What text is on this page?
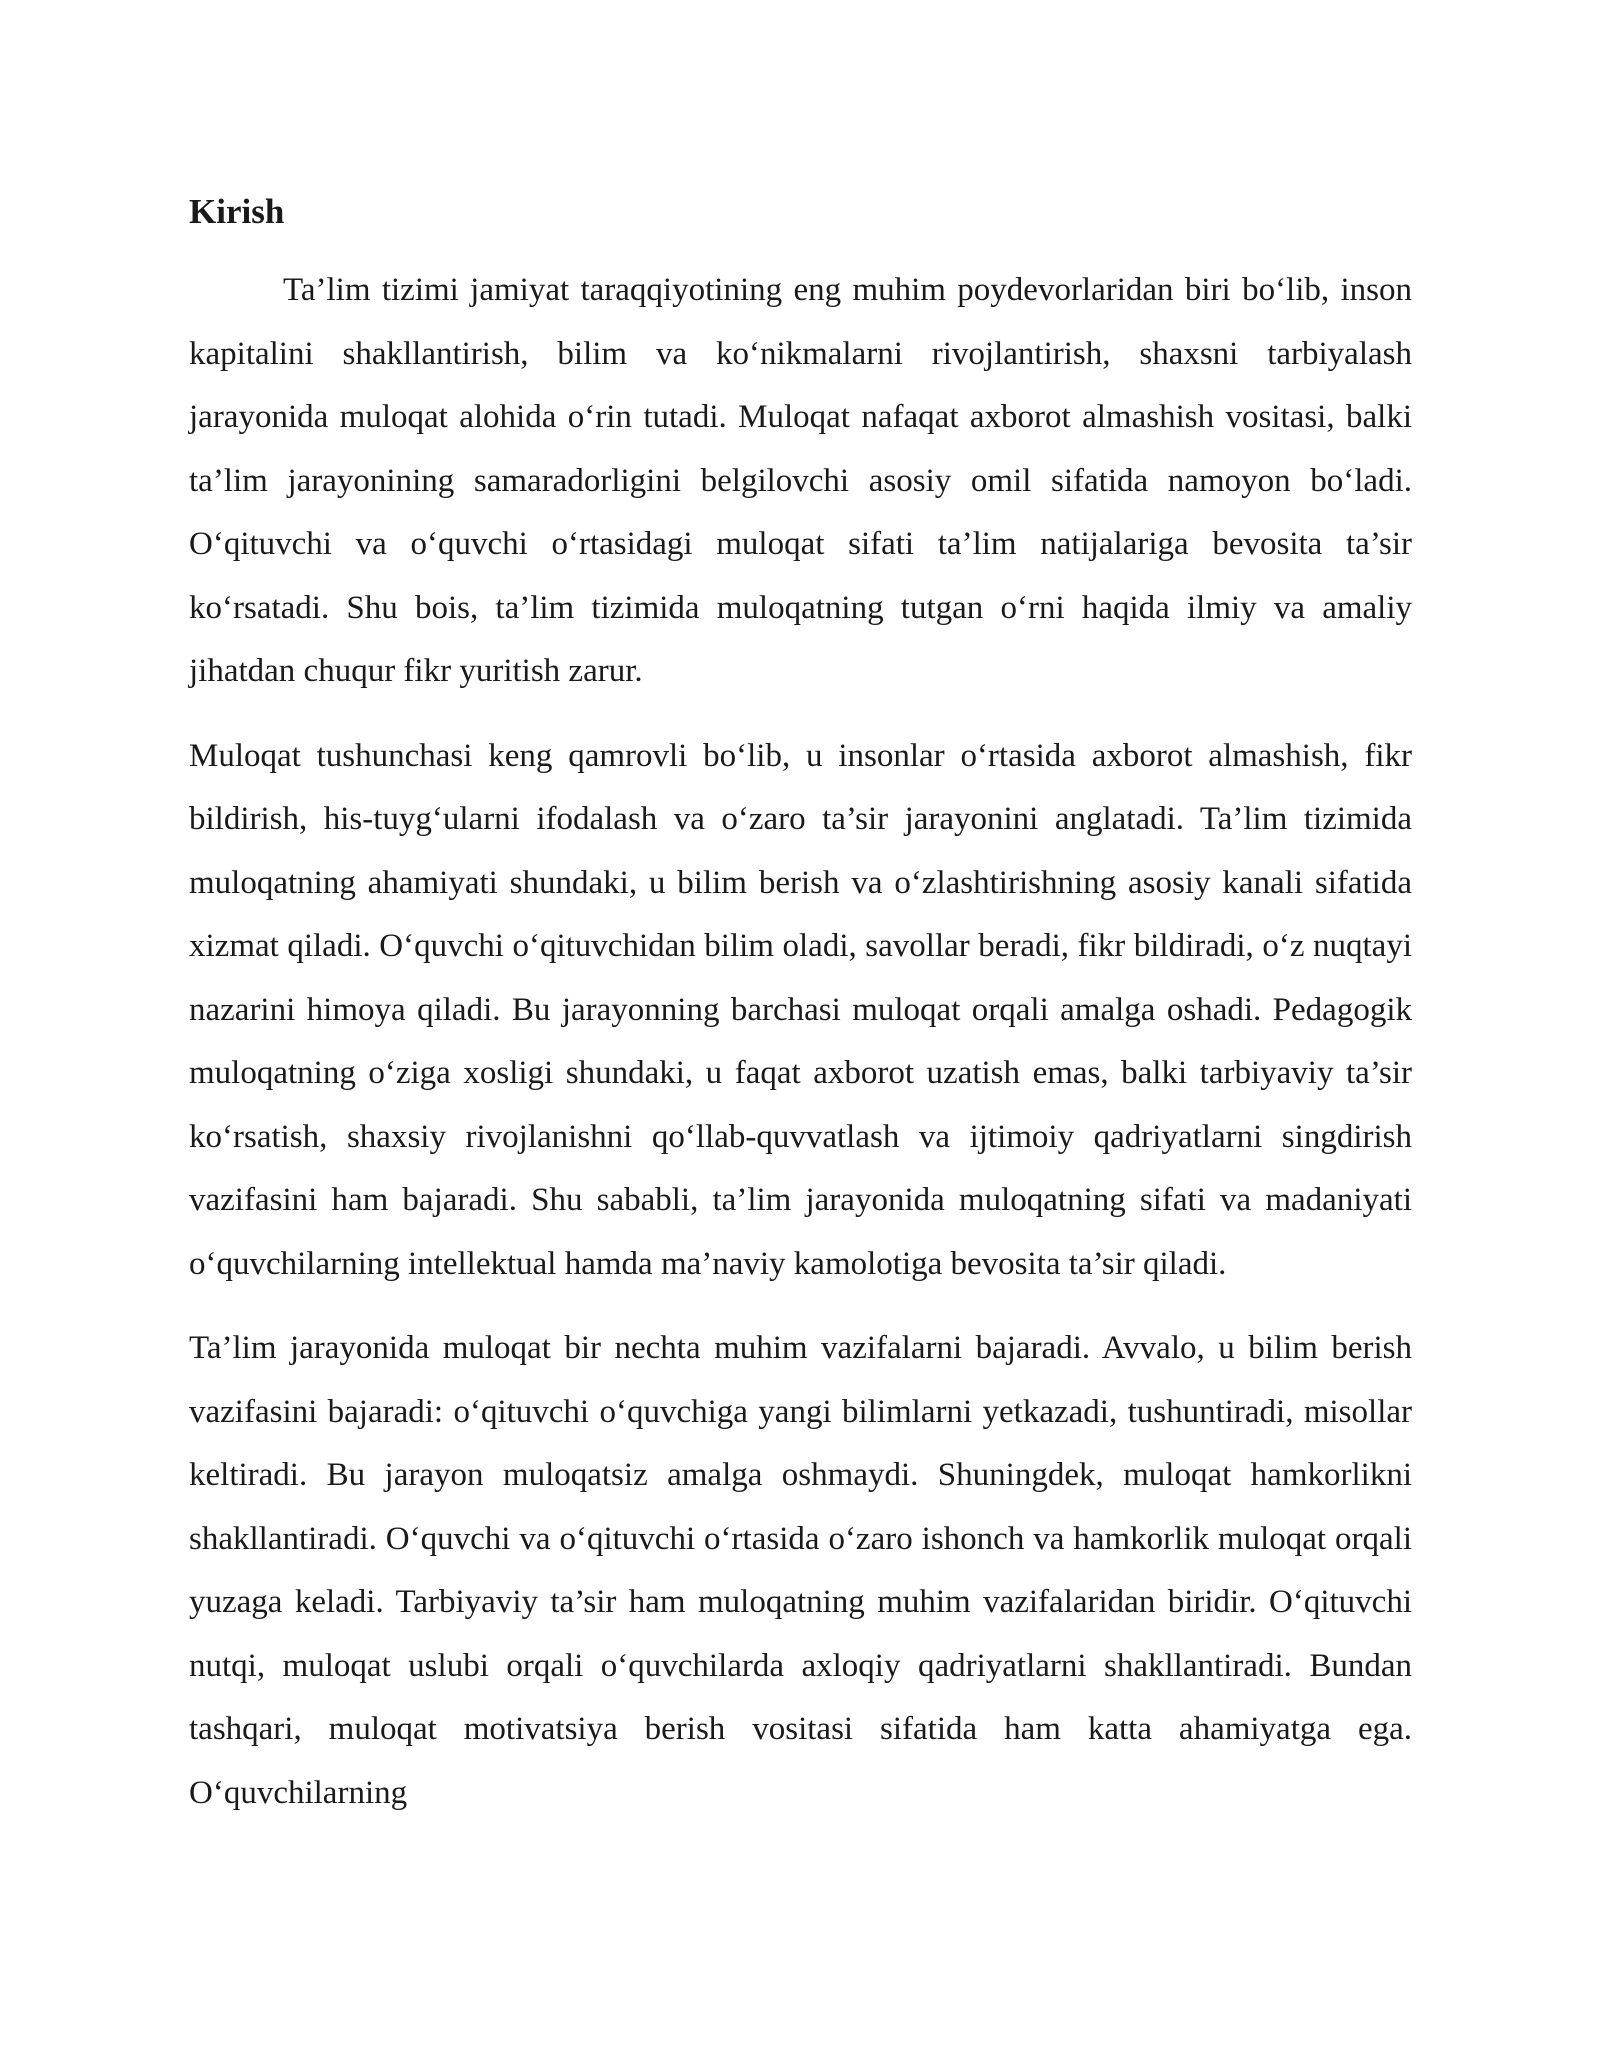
Kirish

Ta’lim tizimi jamiyat taraqqiyotining eng muhim poydevorlaridan biri bo‘lib, inson kapitalini shakllantirish, bilim va ko‘nikmalarni rivojlantirish, shaxsni tarbiyalash jarayonida muloqat alohida o‘rin tutadi. Muloqat nafaqat axborot almashish vositasi, balki ta’lim jarayonining samaradorligini belgilovchi asosiy omil sifatida namoyon bo‘ladi. O‘qituvchi va o‘quvchi o‘rtasidagi muloqat sifati ta’lim natijalariga bevosita ta’sir ko‘rsatadi. Shu bois, ta’lim tizimida muloqatning tutgan o‘rni haqida ilmiy va amaliy jihatdan chuqur fikr yuritish zarur.

Muloqat tushunchasi keng qamrovli bo‘lib, u insonlar o‘rtasida axborot almashish, fikr bildirish, his-tuyg‘ularni ifodalash va o‘zaro ta’sir jarayonini anglatadi. Ta’lim tizimida muloqatning ahamiyati shundaki, u bilim berish va o‘zlashtirishning asosiy kanali sifatida xizmat qiladi. O‘quvchi o‘qituvchidan bilim oladi, savollar beradi, fikr bildiradi, o‘z nuqtayi nazarini himoya qiladi. Bu jarayonning barchasi muloqat orqali amalga oshadi. Pedagogik muloqatning o‘ziga xosligi shundaki, u faqat axborot uzatish emas, balki tarbiyaviy ta’sir ko‘rsatish, shaxsiy rivojlanishni qo‘llab-quvvatlash va ijtimoiy qadriyatlarni singdirish vazifasini ham bajaradi. Shu sababli, ta’lim jarayonida muloqatning sifati va madaniyati o‘quvchilarning intellektual hamda ma’naviy kamolotiga bevosita ta’sir qiladi.

Ta’lim jarayonida muloqat bir nechta muhim vazifalarni bajaradi. Avvalo, u bilim berish vazifasini bajaradi: o‘qituvchi o‘quvchiga yangi bilimlarni yetkazadi, tushuntiradi, misollar keltiradi. Bu jarayon muloqatsiz amalga oshmaydi. Shuningdek, muloqat hamkorlikni shakllantiradi. O‘quvchi va o‘qituvchi o‘rtasida o‘zaro ishonch va hamkorlik muloqat orqali yuzaga keladi. Tarbiyaviy ta’sir ham muloqatning muhim vazifalaridan biridir. O‘qituvchi nutqi, muloqat uslubi orqali o‘quvchilarda axloqiy qadriyatlarni shakllantiradi. Bundan tashqari, muloqat motivatsiya berish vositasi sifatida ham katta ahamiyatga ega. O‘quvchilarning
